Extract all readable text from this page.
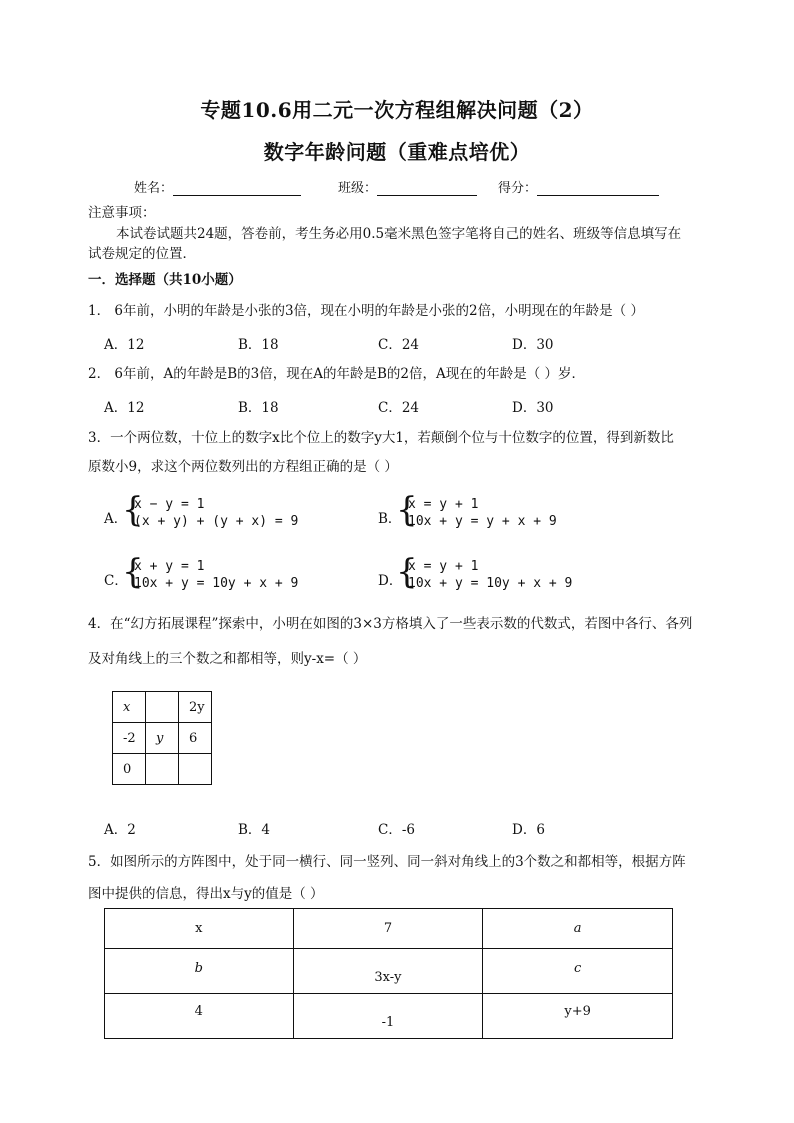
专题10.6用二元一次方程组解决问题（2）
数字年龄问题（重难点培优）
姓名：	班级：	得分：

注意事项：

本试卷试题共24题，答卷前，考生务必用0.5毫米黑色签字笔将自己的姓名、班级等信息填写在

试卷规定的位置．

一．选择题（共10小题）

1． 6年前，小明的年龄是小张的3倍，现在小明的年龄是小张的2倍，小明现在的年龄是（ ）

A．12	B．18	C．24	D．30

2． 6年前，A的年龄是B的3倍，现在A的年龄是B的2倍，A现在的年龄是（ ）岁．

A．12	B．18	C．24	D．30

3．一个两位数，十位上的数字x比个位上的数字y大1，若颠倒个位与十位数字的位置，得到新数比

原数小9，求这个两位数列出的方程组正确的是（ ）

A．
{
x − y = 1
(x + y) + (y + x) = 9	B．
{
x = y + 1
10x + y = y + x + 9
C．
{
x + y = 1
10x + y = 10y + x + 9	D．
{
x = y + 1
10x + y = 10y + x + 9

4．在“幻方拓展课程”探索中，小明在如图的3×3方格填入了一些表示数的代数式，若图中各行、各列

及对角线上的三个数之和都相等，则y-x=（ ）

x		2y
-2	y	6
0		
A．2	B．4	C．-6	D．6

5．如图所示的方阵图中，处于同一横行、同一竖列、同一斜对角线上的3个数之和都相等，根据方阵

图中提供的信息，得出x与y的值是（ ）

x	7	a
b	3x-y	c
4	-1	y+9
